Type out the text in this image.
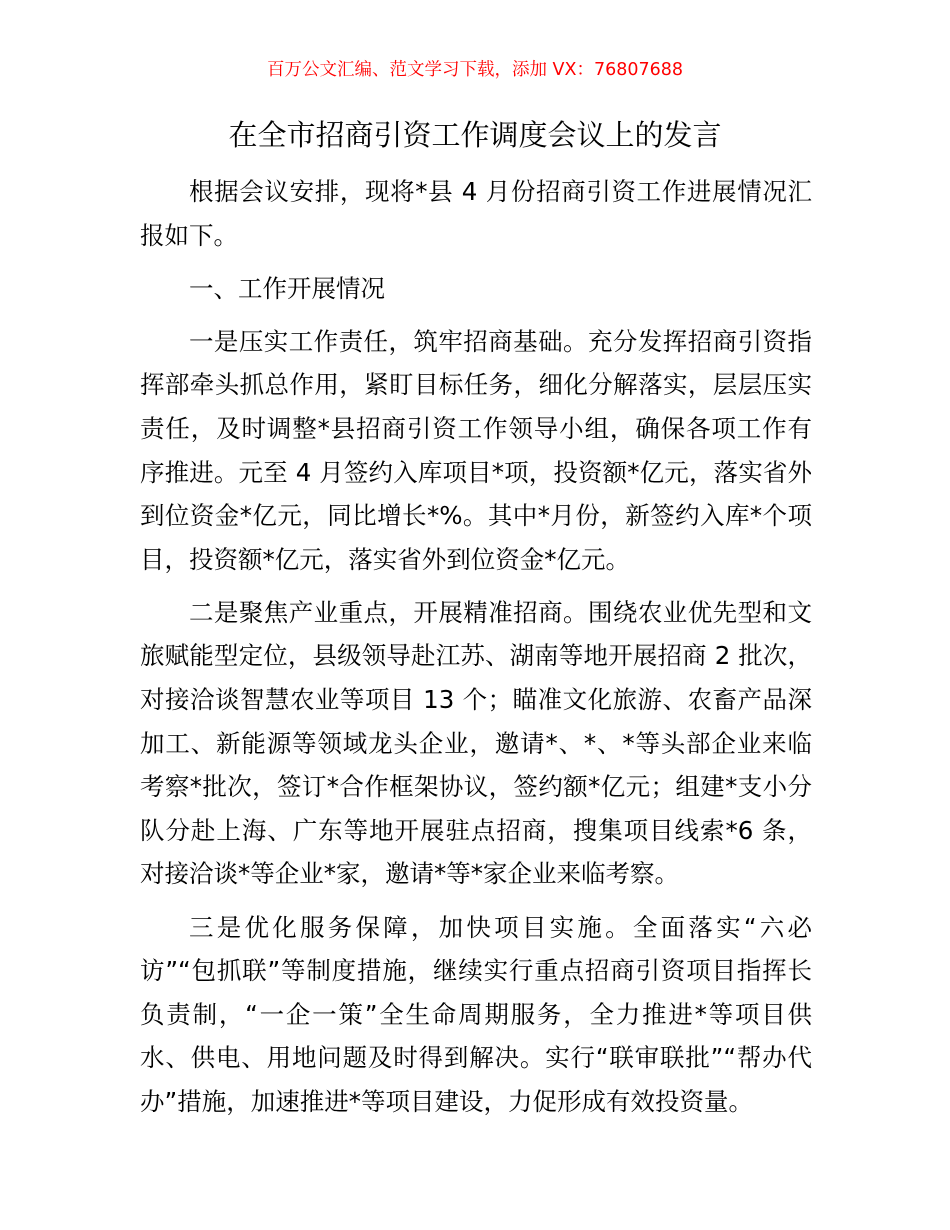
百万公文汇编、范文学习下载，添加 VX：76807688
在全市招商引资工作调度会议上的发言

根据会议安排，现将*县 4 月份招商引资工作进展情况汇报如下。

一、工作开展情况

一是压实工作责任，筑牢招商基础。充分发挥招商引资指挥部牵头抓总作用，紧盯目标任务，细化分解落实，层层压实责任，及时调整*县招商引资工作领导小组，确保各项工作有序推进。元至 4 月签约入库项目*项，投资额*亿元，落实省外到位资金*亿元，同比增长*%。其中*月份，新签约入库*个项目，投资额*亿元，落实省外到位资金*亿元。

二是聚焦产业重点，开展精准招商。围绕农业优先型和文旅赋能型定位，县级领导赴江苏、湖南等地开展招商 2 批次，对接洽谈智慧农业等项目 13 个；瞄准文化旅游、农畜产品深加工、新能源等领域龙头企业，邀请*、*、*等头部企业来临考察*批次，签订*合作框架协议，签约额*亿元；组建*支小分队分赴上海、广东等地开展驻点招商，搜集项目线索*6 条，对接洽谈*等企业*家，邀请*等*家企业来临考察。

三是优化服务保障，加快项目实施。全面落实“六必访”“包抓联”等制度措施，继续实行重点招商引资项目指挥长负责制，“一企一策”全生命周期服务，全力推进*等项目供水、供电、用地问题及时得到解决。实行“联审联批”“帮办代办”措施，加速推进*等项目建设，力促形成有效投资量。
